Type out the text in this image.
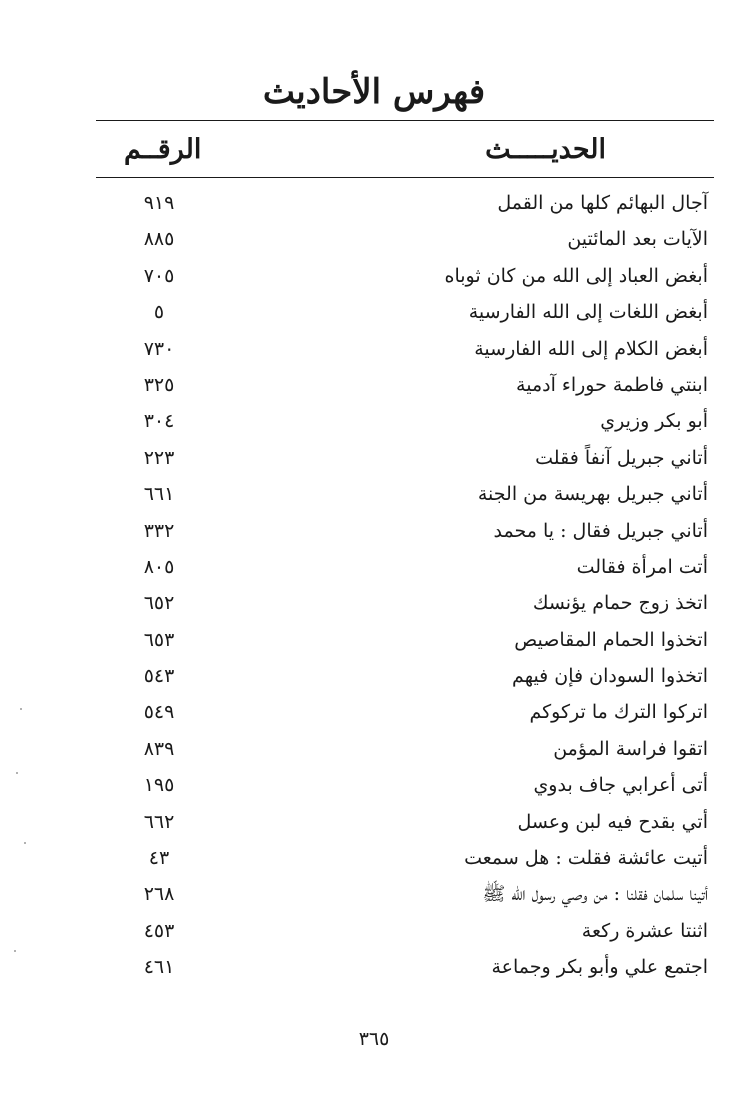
فهرس الأحاديث
الحديـــــث
الرقــم
آجال البهائم كلها من القمل
٩١٩
الآيات بعد المائتين
٨٨٥
أبغض العباد إلى الله من كان ثوباه
٧٠٥
أبغض اللغات إلى الله الفارسية
٥
أبغض الكلام إلى الله الفارسية
٧٣٠
ابنتي فاطمة حوراء آدمية
٣٢٥
أبو بكر وزيري
٣٠٤
أتاني جبريل آنفاً فقلت
٢٢٣
أتاني جبريل بهريسة من الجنة
٦٦١
أتاني جبريل فقال : يا محمد
٣٣٢
أتت امرأة فقالت
٨٠٥
اتخذ زوج حمام يؤنسك
٦٥٢
اتخذوا الحمام المقاصيص
٦٥٣
اتخذوا السودان فإن فيهم
٥٤٣
اتركوا الترك ما تركوكم
٥٤٩
اتقوا فراسة المؤمن
٨٣٩
أتى أعرابي جاف بدوي
١٩٥
أتي بقدح فيه لبن وعسل
٦٦٢
أتيت عائشة فقلت : هل سمعت
٤٣
أتينا سلمان فقلنا : من وصي رسول الله ﷺ
٢٦٨
اثنتا عشرة ركعة
٤٥٣
اجتمع علي وأبو بكر وجماعة
٤٦١
٣٦٥
